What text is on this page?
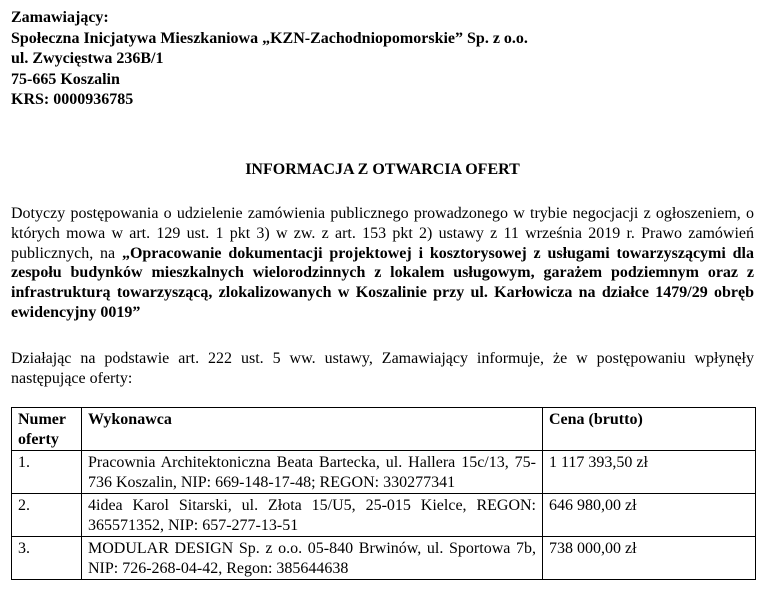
Zamawiający:
Społeczna Inicjatywa Mieszkaniowa „KZN-Zachodniopomorskie” Sp. z o.o.
ul. Zwycięstwa 236B/1
75-665 Koszalin
KRS: 0000936785
INFORMACJA Z OTWARCIA OFERT
Dotyczy postępowania o udzielenie zamówienia publicznego prowadzonego w trybie negocjacji z ogłoszeniem, o których mowa w art. 129 ust. 1 pkt 3) w zw. z art. 153 pkt 2) ustawy z 11 września 2019 r. Prawo zamówień publicznych, na „Opracowanie dokumentacji projektowej i kosztorysowej z usługami towarzyszącymi dla zespołu budynków mieszkalnych wielorodzinnych z lokalem usługowym, garażem podziemnym oraz z infrastrukturą towarzyszącą, zlokalizowanych w Koszalinie przy ul. Karłowicza na działce 1479/29 obręb ewidencyjny 0019”
Działając na podstawie art. 222 ust. 5 ww. ustawy, Zamawiający informuje, że w postępowaniu wpłynęły następujące oferty:
Numer oferty	Wykonawca	Cena (brutto)
1.	Pracownia Architektoniczna Beata Bartecka, ul. Hallera 15c/13, 75-736 Koszalin, NIP: 669-148-17-48; REGON: 330277341	1 117 393,50 zł
2.	4idea Karol Sitarski, ul. Złota 15/U5, 25-015 Kielce, REGON: 365571352, NIP: 657-277-13-51	646 980,00 zł
3.	MODULAR DESIGN Sp. z o.o. 05-840 Brwinów, ul. Sportowa 7b, NIP: 726-268-04-42, Regon: 385644638	738 000,00 zł
